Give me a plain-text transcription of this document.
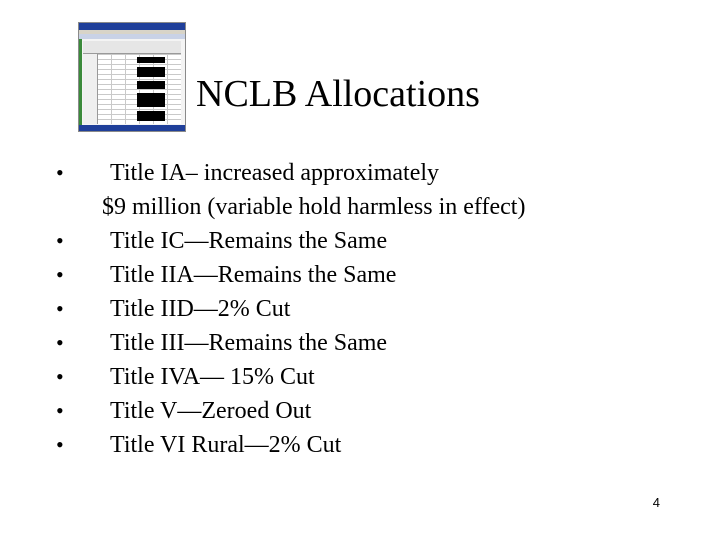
NCLB Allocations
•	Title IA– increased approximately
$9 million (variable hold harmless in effect)
•	Title IC—Remains the Same
•	Title IIA—Remains the Same
•	Title IID—2% Cut
•	Title III—Remains the Same
•	Title IVA— 15% Cut
•	Title V—Zeroed Out
•	Title VI Rural—2% Cut
4
